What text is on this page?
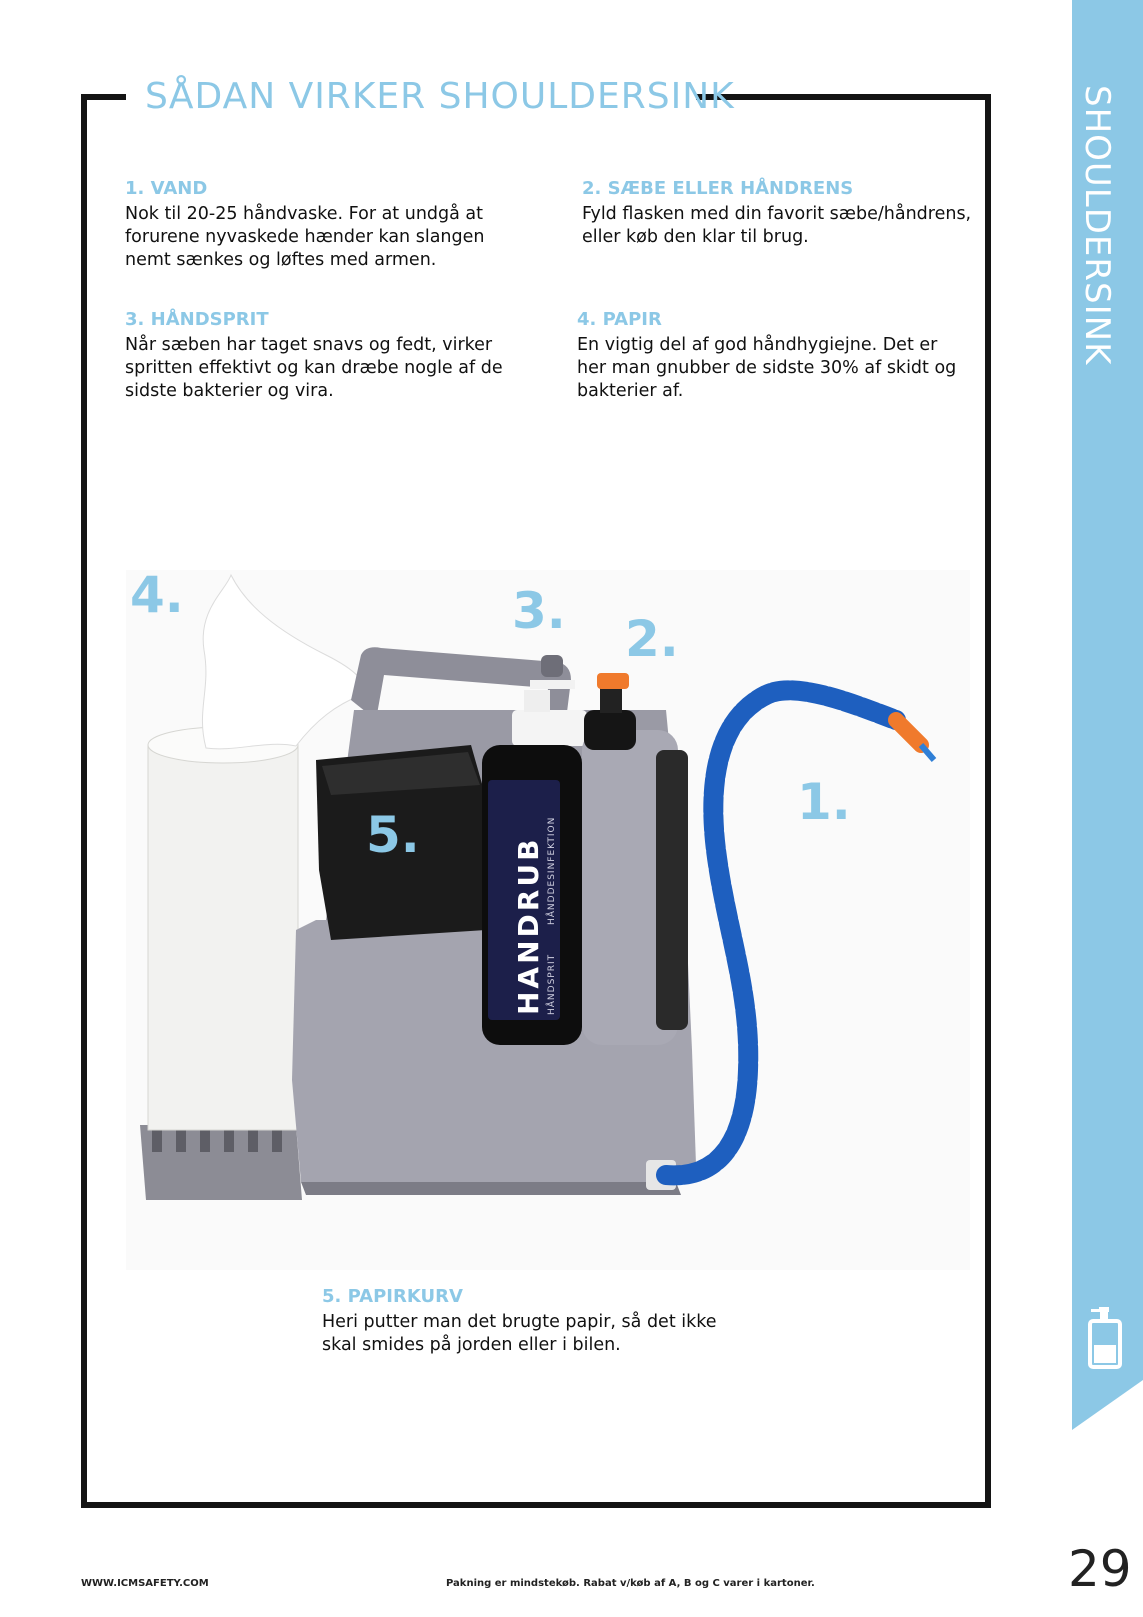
SHOULDERSINK
SÅDAN VIRKER SHOULDERSINK
1. VAND
Nok til 20-25 håndvaske. For at undgå at
forurene nyvaskede hænder kan slangen
nemt sænkes og løftes med armen.
2. SÆBE ELLER HÅNDRENS
Fyld flasken med din favorit sæbe/håndrens,
eller køb den klar til brug.
3. HÅNDSPRIT
Når sæben har taget snavs og fedt, virker
spritten effektivt og kan dræbe nogle af de
sidste bakterier og vira.
4. PAPIR
En vigtig del af god håndhygiejne. Det er
her man gnubber de sidste 30% af skidt og
bakterier af.
HANDRUB HÅNDSPRIT
HÅNDDESINFEKTION
4.	3. 2.
1.
5.
5. PAPIRKURV
Heri putter man det brugte papir, så det ikke
skal smides på jorden eller i bilen.
WWW.ICMSAFETY.COM	Pakning er mindstekøb. Rabat v/køb af A, B og C varer i kartoner.	29
